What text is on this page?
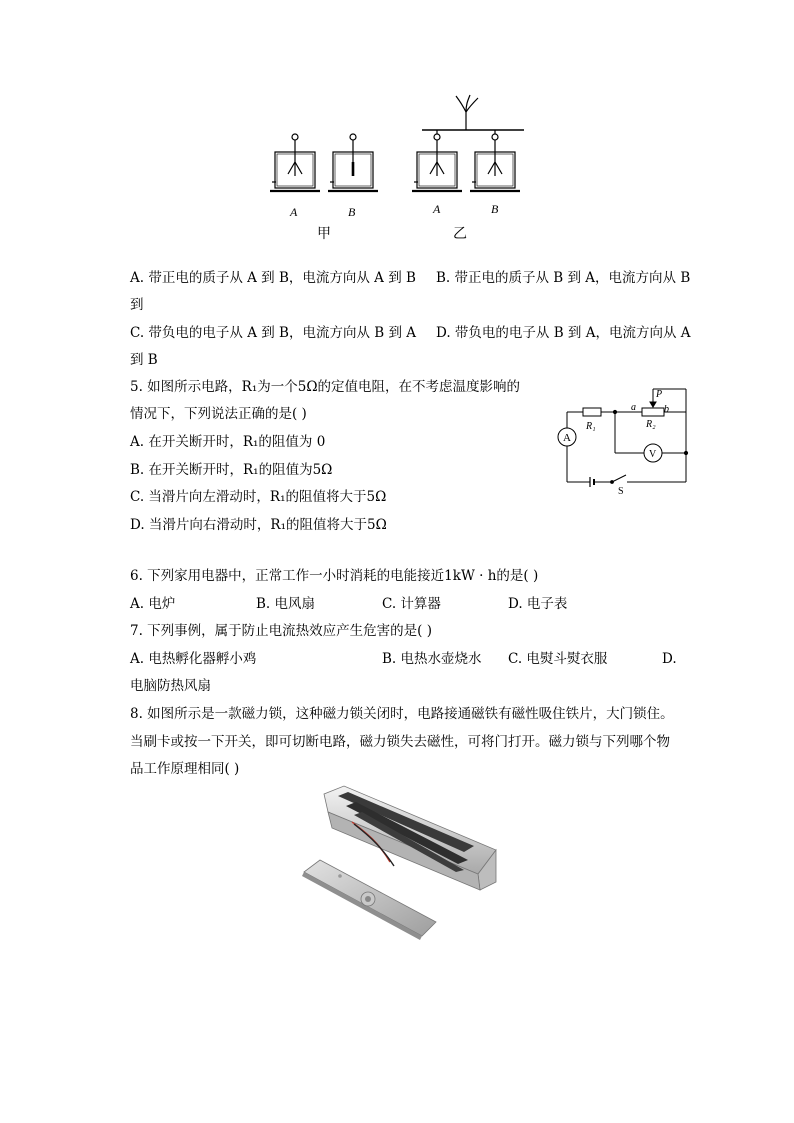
A	B	A	B
甲	乙
A. 带正电的质子从 A 到 B，电流方向从 A 到 B B. 带正电的质子从 B 到 A，电流方向从 B
到
C. 带负电的电子从 A 到 B，电流方向从 B 到 A D. 带负电的电子从 B 到 A，电流方向从 A
到 B
5. 如图所示电路，R₁为一个5Ω的定值电阻，在不考虑温度影响的
情况下，下列说法正确的是( )
A. 在开关断开时，R₁的阻值为 0
B. 在开关断开时，R₁的阻值为5Ω
C. 当滑片向左滑动时，R₁的阻值将大于5Ω
D. 当滑片向右滑动时，R₁的阻值将大于5Ω
A
V
S
R₁	R₂
P
a	b
6. 下列家用电器中，正常工作一小时消耗的电能接近1kW · h的是( )
A. 电炉	B. 电风扇	C. 计算器	D. 电子表
7. 下列事例，属于防止电流热效应产生危害的是( )
A. 电热孵化器孵小鸡	B. 电热水壶烧水 C. 电熨斗熨衣服	D.
电脑防热风扇
8. 如图所示是一款磁力锁，这种磁力锁关闭时，电路接通磁铁有磁性吸住铁片，大门锁住。
当刷卡或按一下开关，即可切断电路，磁力锁失去磁性，可将门打开。磁力锁与下列哪个物
品工作原理相同( )
